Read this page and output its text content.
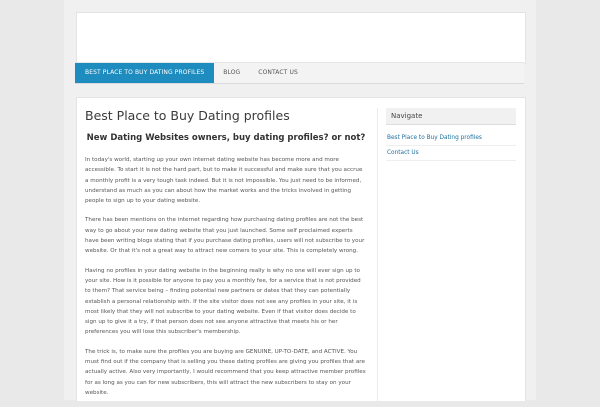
BEST PLACE TO BUY DATING PROFILES	BLOG	CONTACT US
Best Place to Buy Dating profiles
New Dating Websites owners, buy dating profiles? or not?

In today's world, starting up your own internet dating website has become more and more accessible. To start it is not the hard part, but to make it successful and make sure that you accrue a monthly profit is a very tough task indeed. But it is not impossible. You just need to be informed, understand as much as you can about how the market works and the tricks involved in getting people to sign up to your dating website.

There has been mentions on the internet regarding how purchasing dating profiles are not the best way to go about your new dating website that you just launched. Some self proclaimed experts have been writing blogs stating that if you purchase dating profiles, users will not subscribe to your website. Or that it's not a great way to attract new comers to your site. This is completely wrong.

Having no profiles in your dating website in the beginning really is why no one will ever sign up to your site. How is it possible for anyone to pay you a monthly fee, for a service that is not provided to them? That service being – finding potential new partners or dates that they can potentially establish a personal relationship with. If the site visitor does not see any profiles in your site, it is most likely that they will not subscribe to your dating website. Even if that visitor does decide to sign up to give it a try, if that person does not see anyone attractive that meets his or her preferences you will lose this subscriber's membership.

The trick is, to make sure the profiles you are buying are GENUINE, UP-TO-DATE, and ACTIVE. You must find out if the company that is selling you these dating profiles are giving you profiles that are actually active. Also very importantly, I would recommend that you keep attractive member profiles for as long as you can for new subscribers, this will attract the new subscribers to stay on your website.

Navigate
Best Place to Buy Dating profiles
Contact Us
